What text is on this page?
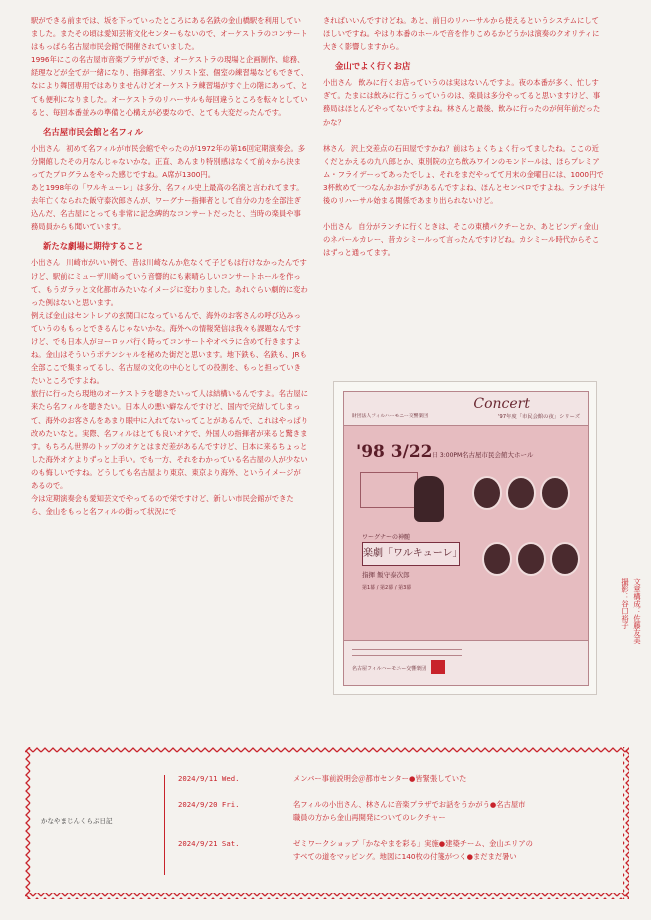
駅ができる前までは、坂を下っていったところにある名鉄の金山橋駅を利用していました。またその頃は愛知芸術文化センターもないので、オーケストラのコンサートはもっぱら名古屋市民会館で開催されていました。

1996年にこの名古屋市音楽プラザができ、オーケストラの現場と企画制作、総務、経理などが全てが一緒になり、指揮者室、ソリスト室、個室の練習場などもできて、なにより舞団専用ではありませんけどオーケストラ練習場がすぐ上の階にあって、とても便利になりました。オーケストラのリハーサルも毎回違うところを転々としていると、毎回本番並みの準備と心構えが必要なので、とても大変だったんです。

名古屋市民会館と名フィル

小出さん 初めて名フィルが市民会館でやったのが1972年の第16回定期演奏会。多分開館したその月なんじゃないかな。正直、あんまり特別感はなくて前々から決まってたプログラムをやった感じですね。A席が1300円。

あと1998年の「ワルキューレ」は多分、名フィル史上最高の名演と言われてます。去年亡くなられた飯守泰次郎さんが、ワーグナー指揮者として自分の力を全部注ぎ込んだ、名古屋にとっても非常に記念碑的なコンサートだったと、当時の楽員や事務局員からも聞いています。

新たな劇場に期待すること

小出さん 川崎市がいい例で、昔は川崎なんか危なくて子どもは行けなかったんですけど、駅前にミューザ川崎っていう音響的にも素晴らしいコンサートホールを作って、もうガラッと文化都市みたいなイメージに変わりました。あれぐらい劇的に変わった例はないと思います。

例えば金山はセントレアの玄関口になっているんで、海外のお客さんの呼び込みっていうのももっとできるんじゃないかな。海外への情報発信は我々も課題なんですけど、でも日本人がヨーロッパ行く時ってコンサートやオペラに含めて行きますよね。金山はそういうポテンシャルを秘めた街だと思います。地下鉄も、名鉄も、JRも全部ここで集まってるし、名古屋の文化の中心としての役割を、もっと担っていきたいところですよね。

旅行に行ったら現地のオーケストラを聴きたいって人は結構いるんですよ。名古屋に来たら名フィルを聴きたい。日本人の悪い癖なんですけど、国内で完結してしまって、海外のお客さんをあまり眼中に入れてないってことがあるんで、これはやっぱり改めたいなと。実際、名フィルはとても良いオケで、外国人の指揮者が来ると驚きます。もちろん世界のトップのオケとはまだ差があるんですけど、日本に来るちょっとした海外オケよりずっと上手い。でも一方、それをわかっている名古屋の人が少ないのも悔しいですね。どうしても名古屋より東京、東京より海外、というイメージがあるので。

今は定期演奏会も愛知芸文でやってるので栄ですけど、新しい市民会館ができたら、金山をもっと名フィルの街って状況にで

きればいいんですけどね。あと、前日のリハーサルから使えるというシステムにしてほしいですね。やはり本番のホールで音を作りこめるかどうかは演奏のクオリティに大きく影響しますから。

金山でよく行くお店

小出さん 飲みに行くお店っていうのは実はないんですよ。夜の本番が多く、忙しすぎて。たまには飲みに行こうっていうのは、楽員は多分やってると思いますけど、事務局はほとんどやってないですよね。林さんと最後、飲みに行ったのが何年前だったかな？

林さん 沢上交差点の石田屋ですかね？前はちょくちょく行ってましたね。ここの近くだとかえるの九八郎とか、東別院の立ち飲みワインのモンドールは、ほらプレミアム・フライデーってあったでしょ、それをまだやってて月末の金曜日には、1000円で3杯飲めて一つなんかおかずがあるんですよね、ほんとセンベロですよね。ランチは午後のリハーサル始まる関係であまり出られないけど。

小出さん 自分がランチに行くときは、そこの東横パクチーとか、あとビンディ金山のネパールカレー、昔カシミールって言ったんですけどね。カシミール時代からそこはずっと通ってます。

Concert
財団法人フィルハーモニー交響楽団	'97年度「市民会館の夜」シリーズ
'98 3/22 日 3:00PM 名古屋市民会館大ホール
ワーグナーの神髄
楽劇「ワルキューレ」
指揮 飯守泰次郎
第1幕 / 第2幕 / 第3幕
名古屋フィルハーモニー交響楽団
文章構成：佐藤友美
撮影：谷口裕子
かなやまじんくらぶ日記
2024/9/11 Wed.	メンバー事前説明会＠都市センター●皆緊張していた
2024/9/20 Fri.	名フィルの小出さん、林さんに音楽プラザでお話をうかがう●名古屋市
職員の方から金山再開発についてのレクチャー
2024/9/21 Sat.	ゼミワークショップ「かなやまを彩る」実施●建築チーム、金山エリアの
すべての道をマッピング。地図に140枚の付箋がつく●まだまだ暑い
